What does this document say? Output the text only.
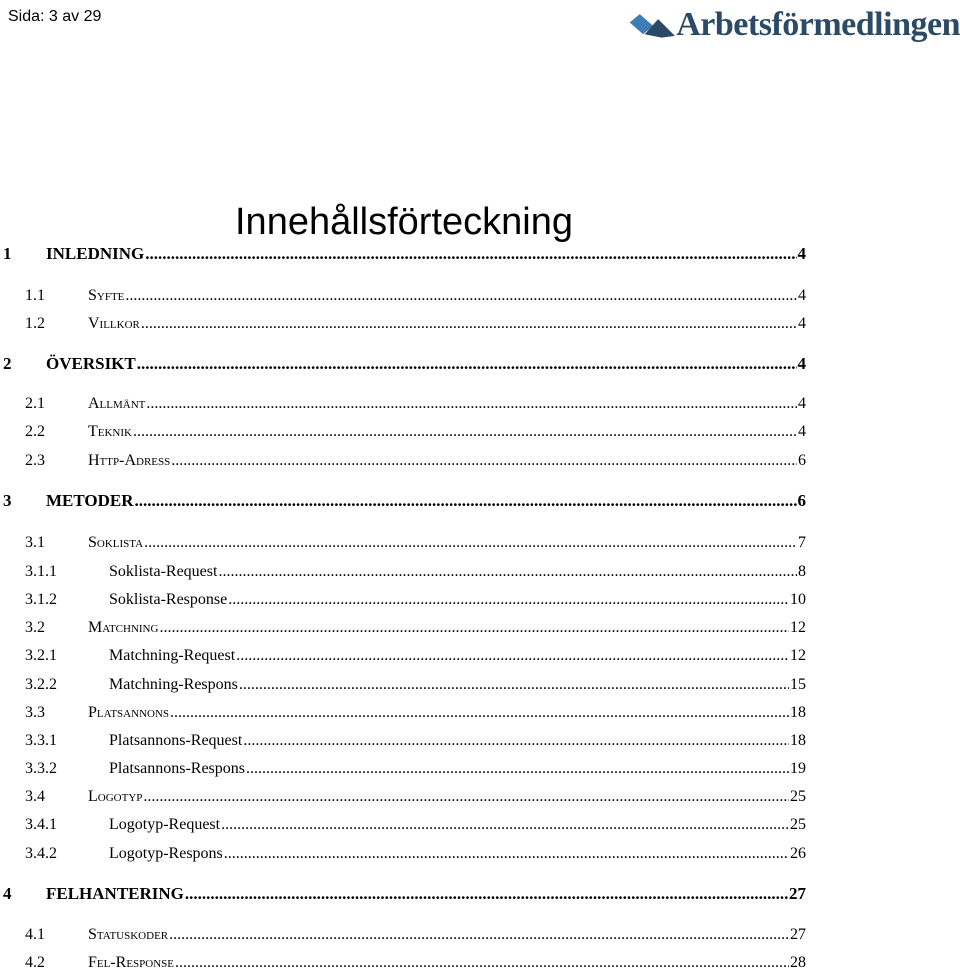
Sida: 3 av 29	Arbetsförmedlingen
Innehållsförteckning
1	INLEDNING .....	4
1.1	Syfte .....	4
1.2	Villkor .....	4
2	ÖVERSIKT .....	4
2.1	Allmänt .....	4
2.2	Teknik .....	4
2.3	Http-Adress .....	6
3	METODER .....	6
3.1	Soklista .....	7
3.1.1	Soklista-Request .....	8
3.1.2	Soklista-Response .....	10
3.2	Matchning .....	12
3.2.1	Matchning-Request .....	12
3.2.2	Matchning-Respons .....	15
3.3	Platsannons .....	18
3.3.1	Platsannons-Request .....	18
3.3.2	Platsannons-Respons .....	19
3.4	Logotyp .....	25
3.4.1	Logotyp-Request .....	25
3.4.2	Logotyp-Respons .....	26
4	FELHANTERING .....	27
4.1	Statuskoder .....	27
4.2	Fel-Response .....	28
